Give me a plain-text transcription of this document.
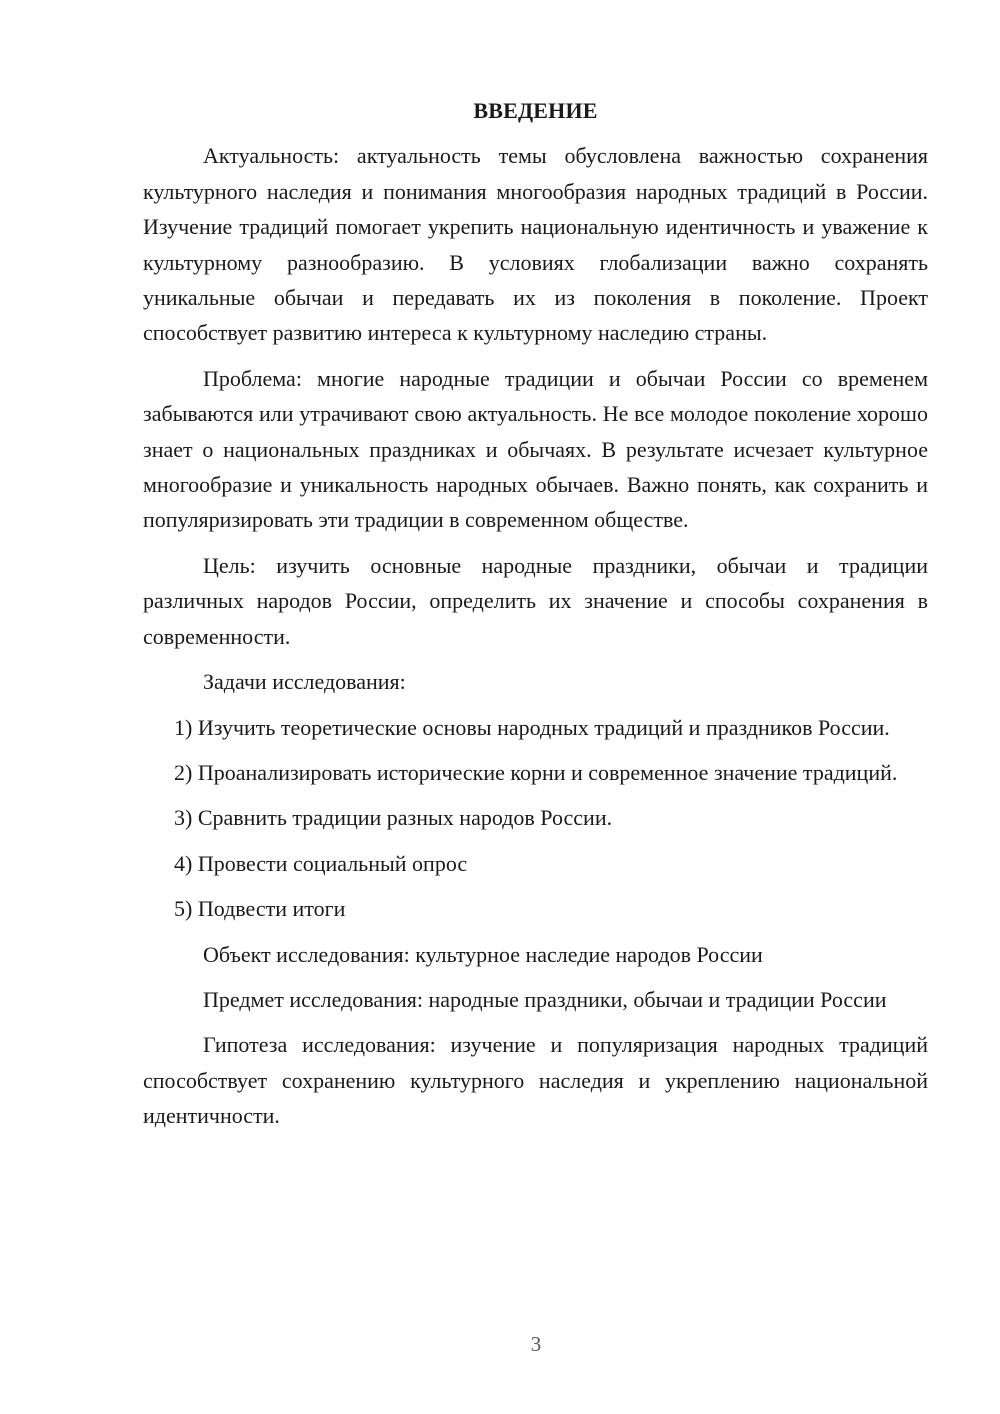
ВВЕДЕНИЕ

Актуальность: актуальность темы обусловлена важностью сохранения культурного наследия и понимания многообразия народных традиций в России. Изучение традиций помогает укрепить национальную идентичность и уважение к культурному разнообразию. В условиях глобализации важно сохранять уникальные обычаи и передавать их из поколения в поколение. Проект способствует развитию интереса к культурному наследию страны.

Проблема: многие народные традиции и обычаи России со временем забываются или утрачивают свою актуальность. Не все молодое поколение хорошо знает о национальных праздниках и обычаях. В результате исчезает культурное многообразие и уникальность народных обычаев. Важно понять, как сохранить и популяризировать эти традиции в современном обществе.

Цель: изучить основные народные праздники, обычаи и традиции различных народов России, определить их значение и способы сохранения в современности.

Задачи исследования:

1) Изучить теоретические основы народных традиций и праздников России.

2) Проанализировать исторические корни и современное значение традиций.

3) Сравнить традиции разных народов России.

4) Провести социальный опрос

5) Подвести итоги

Объект исследования: культурное наследие народов России

Предмет исследования: народные праздники, обычаи и традиции России

Гипотеза исследования: изучение и популяризация народных традиций способствует сохранению культурного наследия и укреплению национальной идентичности.

3
